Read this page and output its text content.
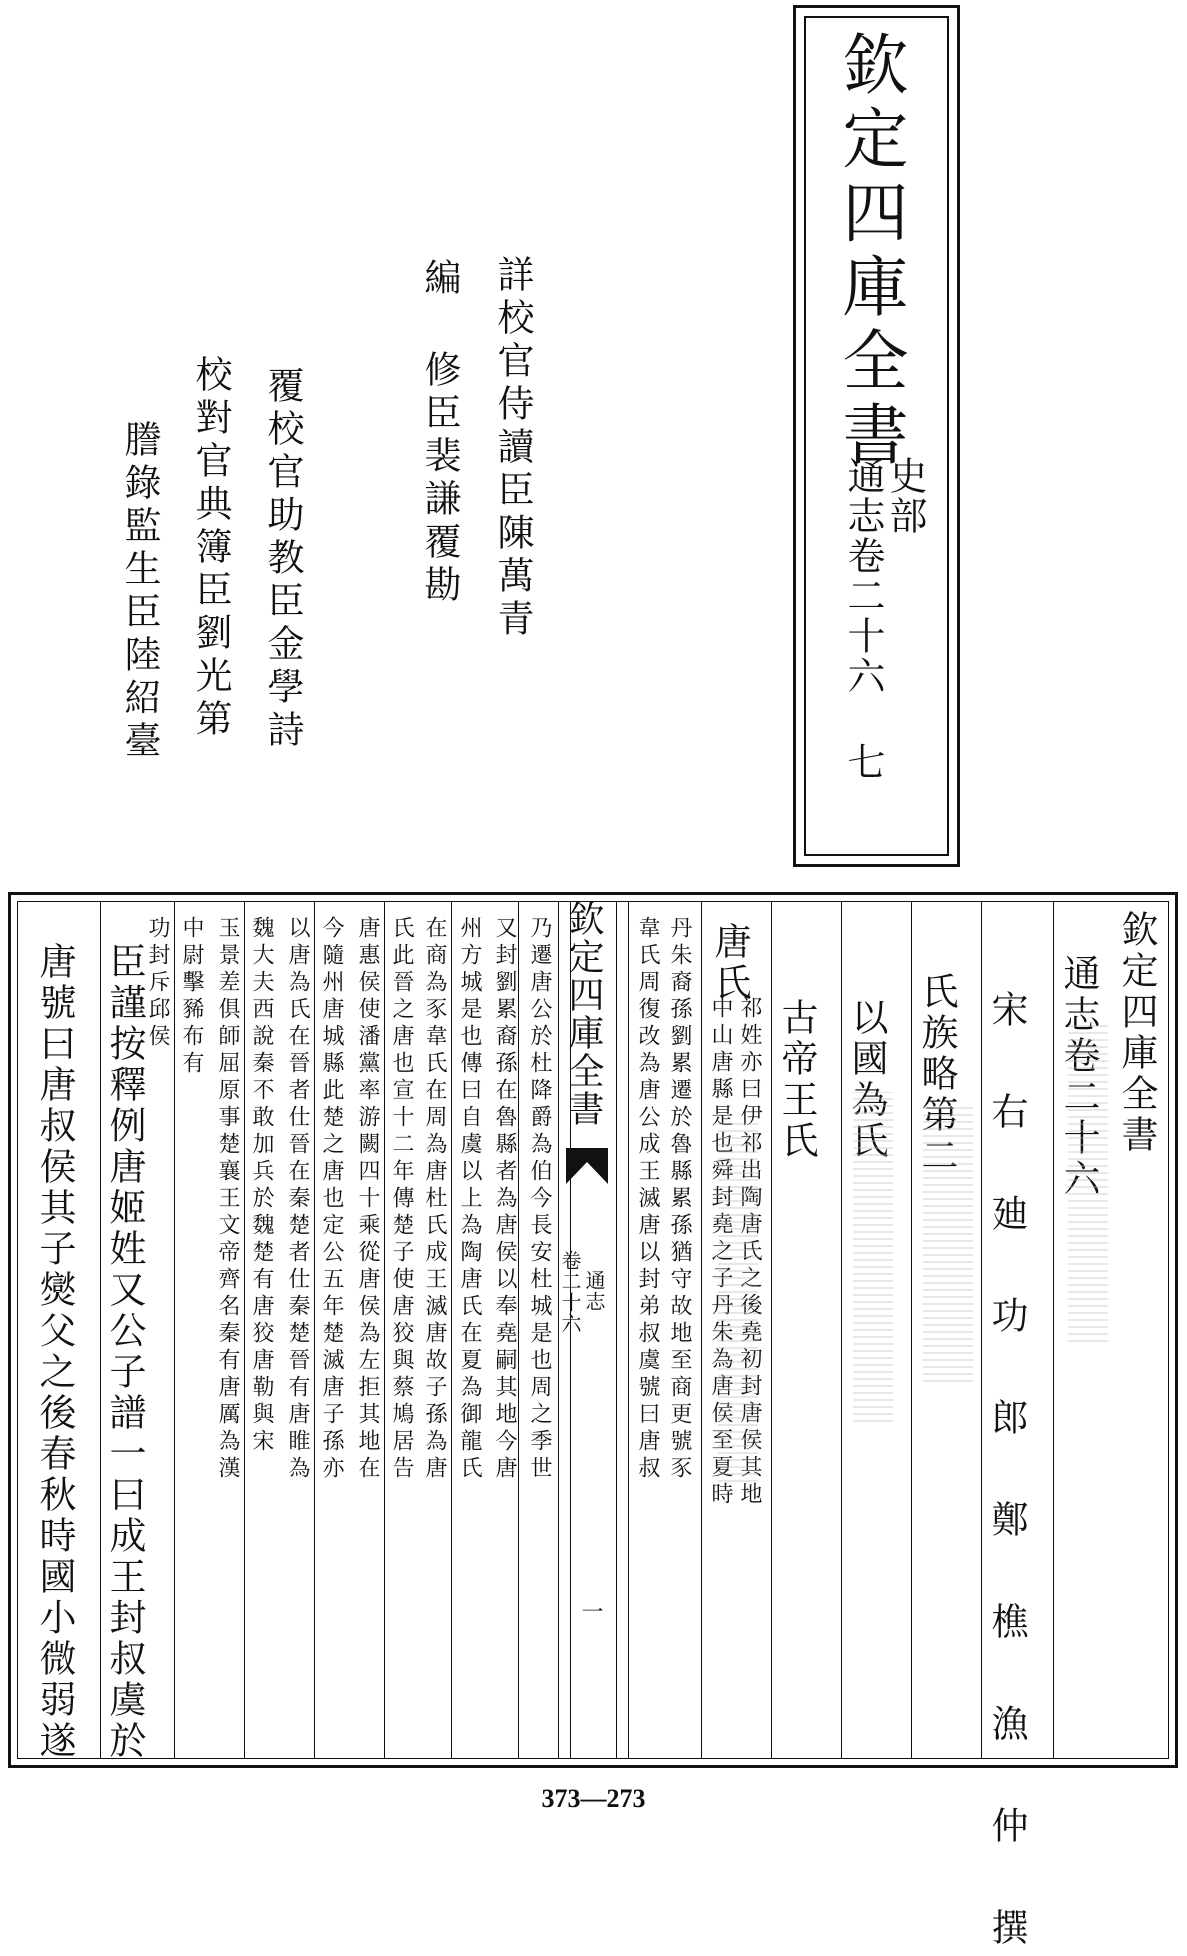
欽定四庫全書
史部
通志卷二十六 七
詳校官侍讀臣陳萬青
編 修臣裴謙覆勘
覆校官助教臣金學詩
校對官典簿臣劉光第
謄錄監生臣陸紹臺
欽定四庫全書
通志卷二十六
宋 右 廸 功 郎 鄭 樵 漁 仲 撰
氏族略第二
以國為氏
古帝王氏
唐氏
祁姓亦曰伊祁出陶唐氏之後堯初封唐侯其地
中山唐縣是也舜封堯之子丹朱為唐侯至夏時
丹朱裔孫劉累遷於魯縣累孫猶守故地至商更號豕
韋氏周復改為唐公成王滅唐以封弟叔虞號曰唐叔
乃遷唐公於杜降爵為伯今長安杜城是也周之季世
又封劉累裔孫在魯縣者為唐侯以奉堯嗣其地今唐
州方城是也傳曰自虞以上為陶唐氏在夏為御龍氏
在商為豕韋氏在周為唐杜氏成王滅唐故子孫為唐
氏此晉之唐也宣十二年傳楚子使唐狡與蔡鳩居告
唐惠侯使潘黨率游闕四十乘從唐侯為左拒其地在
今隨州唐城縣此楚之唐也定公五年楚滅唐子孫亦
以唐為氏在晉者仕晉在秦楚者仕秦楚晉有唐睢為
魏大夫西說秦不敢加兵於魏楚有唐狡唐勒與宋
玉景差俱師屈原事楚襄王文帝齊名秦有唐厲為漢
中尉擊豨布有
功封斥邱侯
臣謹按釋例唐姬姓又公子譜一曰成王封叔虞於
唐號曰唐叔侯其子爕父之後春秋時國小微弱遂	欽定四庫全書
通志
卷二十六
一
373—273
